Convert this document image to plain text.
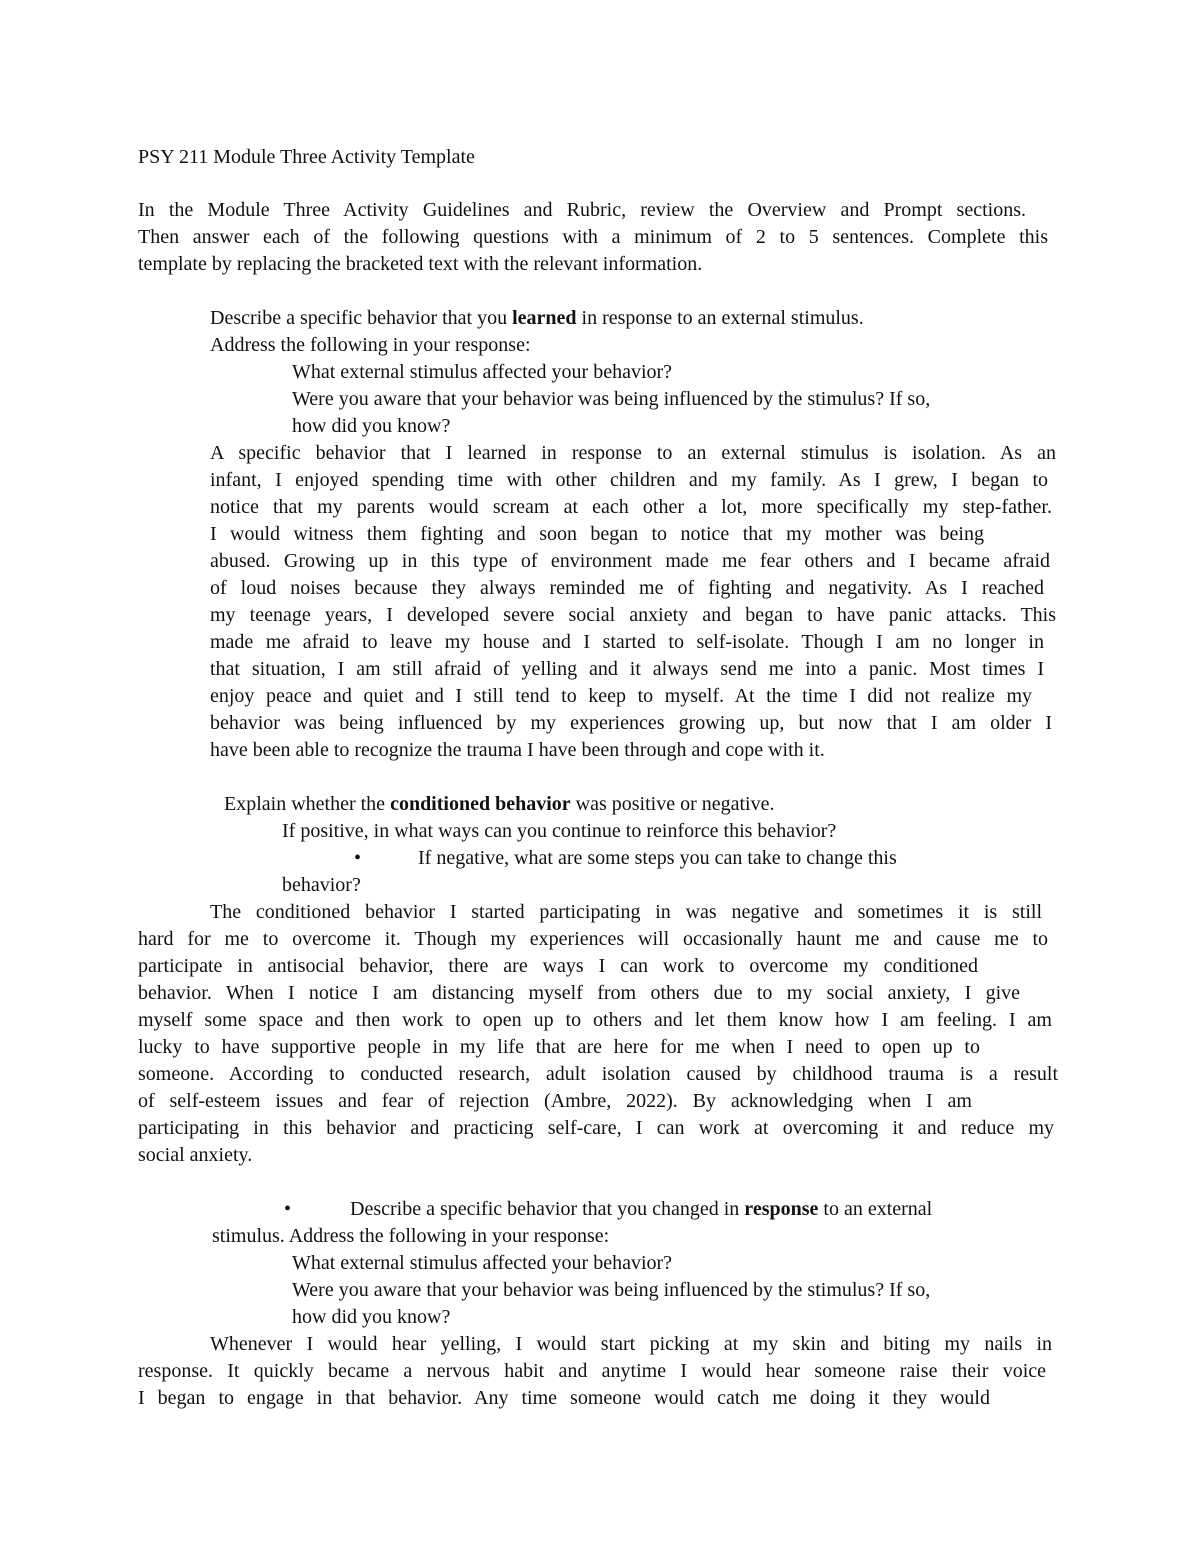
PSY 211 Module Three Activity Template
In the Module Three Activity Guidelines and Rubric, review the Overview and Prompt sections.
Then answer each of the following questions with a minimum of 2 to 5 sentences. Complete this
template by replacing the bracketed text with the relevant information.
Describe a specific behavior that you learned in response to an external stimulus.
Address the following in your response:
What external stimulus affected your behavior?
Were you aware that your behavior was being influenced by the stimulus? If so,
how did you know?
A specific behavior that I learned in response to an external stimulus is isolation. As an
infant, I enjoyed spending time with other children and my family. As I grew, I began to
notice that my parents would scream at each other a lot, more specifically my step-father.
I would witness them fighting and soon began to notice that my mother was being
abused. Growing up in this type of environment made me fear others and I became afraid
of loud noises because they always reminded me of fighting and negativity. As I reached
my teenage years, I developed severe social anxiety and began to have panic attacks. This
made me afraid to leave my house and I started to self-isolate. Though I am no longer in
that situation, I am still afraid of yelling and it always send me into a panic. Most times I
enjoy peace and quiet and I still tend to keep to myself. At the time I did not realize my
behavior was being influenced by my experiences growing up, but now that I am older I
have been able to recognize the trauma I have been through and cope with it.
Explain whether the conditioned behavior was positive or negative.
If positive, in what ways can you continue to reinforce this behavior?
•	If negative, what are some steps you can take to change this
behavior?
The conditioned behavior I started participating in was negative and sometimes it is still
hard for me to overcome it. Though my experiences will occasionally haunt me and cause me to
participate in antisocial behavior, there are ways I can work to overcome my conditioned
behavior. When I notice I am distancing myself from others due to my social anxiety, I give
myself some space and then work to open up to others and let them know how I am feeling. I am
lucky to have supportive people in my life that are here for me when I need to open up to
someone. According to conducted research, adult isolation caused by childhood trauma is a result
of self-esteem issues and fear of rejection (Ambre, 2022). By acknowledging when I am
participating in this behavior and practicing self-care, I can work at overcoming it and reduce my
social anxiety.
•	Describe a specific behavior that you changed in response to an external
stimulus. Address the following in your response:
What external stimulus affected your behavior?
Were you aware that your behavior was being influenced by the stimulus? If so,
how did you know?
Whenever I would hear yelling, I would start picking at my skin and biting my nails in
response. It quickly became a nervous habit and anytime I would hear someone raise their voice
I began to engage in that behavior. Any time someone would catch me doing it they would
